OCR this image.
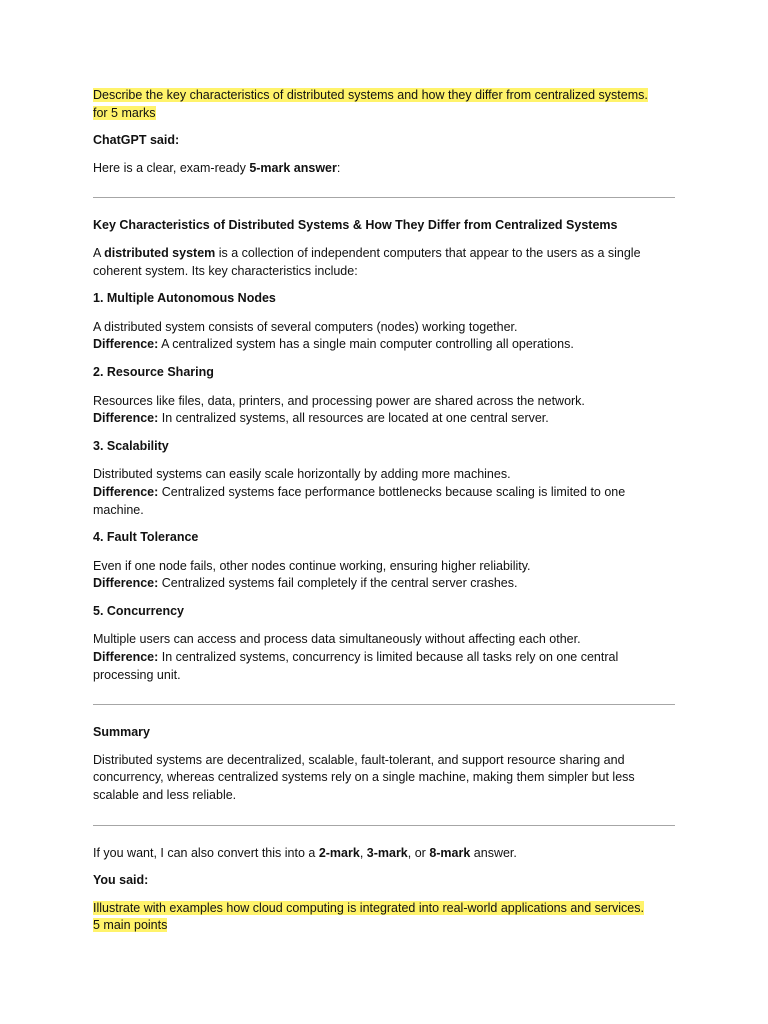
Describe the key characteristics of distributed systems and how they differ from centralized systems.
for 5 marks

ChatGPT said:

Here is a clear, exam-ready 5-mark answer:

Key Characteristics of Distributed Systems & How They Differ from Centralized Systems

A distributed system is a collection of independent computers that appear to the users as a single coherent system. Its key characteristics include:

1. Multiple Autonomous Nodes

A distributed system consists of several computers (nodes) working together.
Difference: A centralized system has a single main computer controlling all operations.

2. Resource Sharing

Resources like files, data, printers, and processing power are shared across the network.
Difference: In centralized systems, all resources are located at one central server.

3. Scalability

Distributed systems can easily scale horizontally by adding more machines.
Difference: Centralized systems face performance bottlenecks because scaling is limited to one machine.

4. Fault Tolerance

Even if one node fails, other nodes continue working, ensuring higher reliability.
Difference: Centralized systems fail completely if the central server crashes.

5. Concurrency

Multiple users can access and process data simultaneously without affecting each other.
Difference: In centralized systems, concurrency is limited because all tasks rely on one central processing unit.

Summary

Distributed systems are decentralized, scalable, fault-tolerant, and support resource sharing and concurrency, whereas centralized systems rely on a single machine, making them simpler but less scalable and less reliable.

If you want, I can also convert this into a 2-mark, 3-mark, or 8-mark answer.

You said:

Illustrate with examples how cloud computing is integrated into real-world applications and services.
5 main points
